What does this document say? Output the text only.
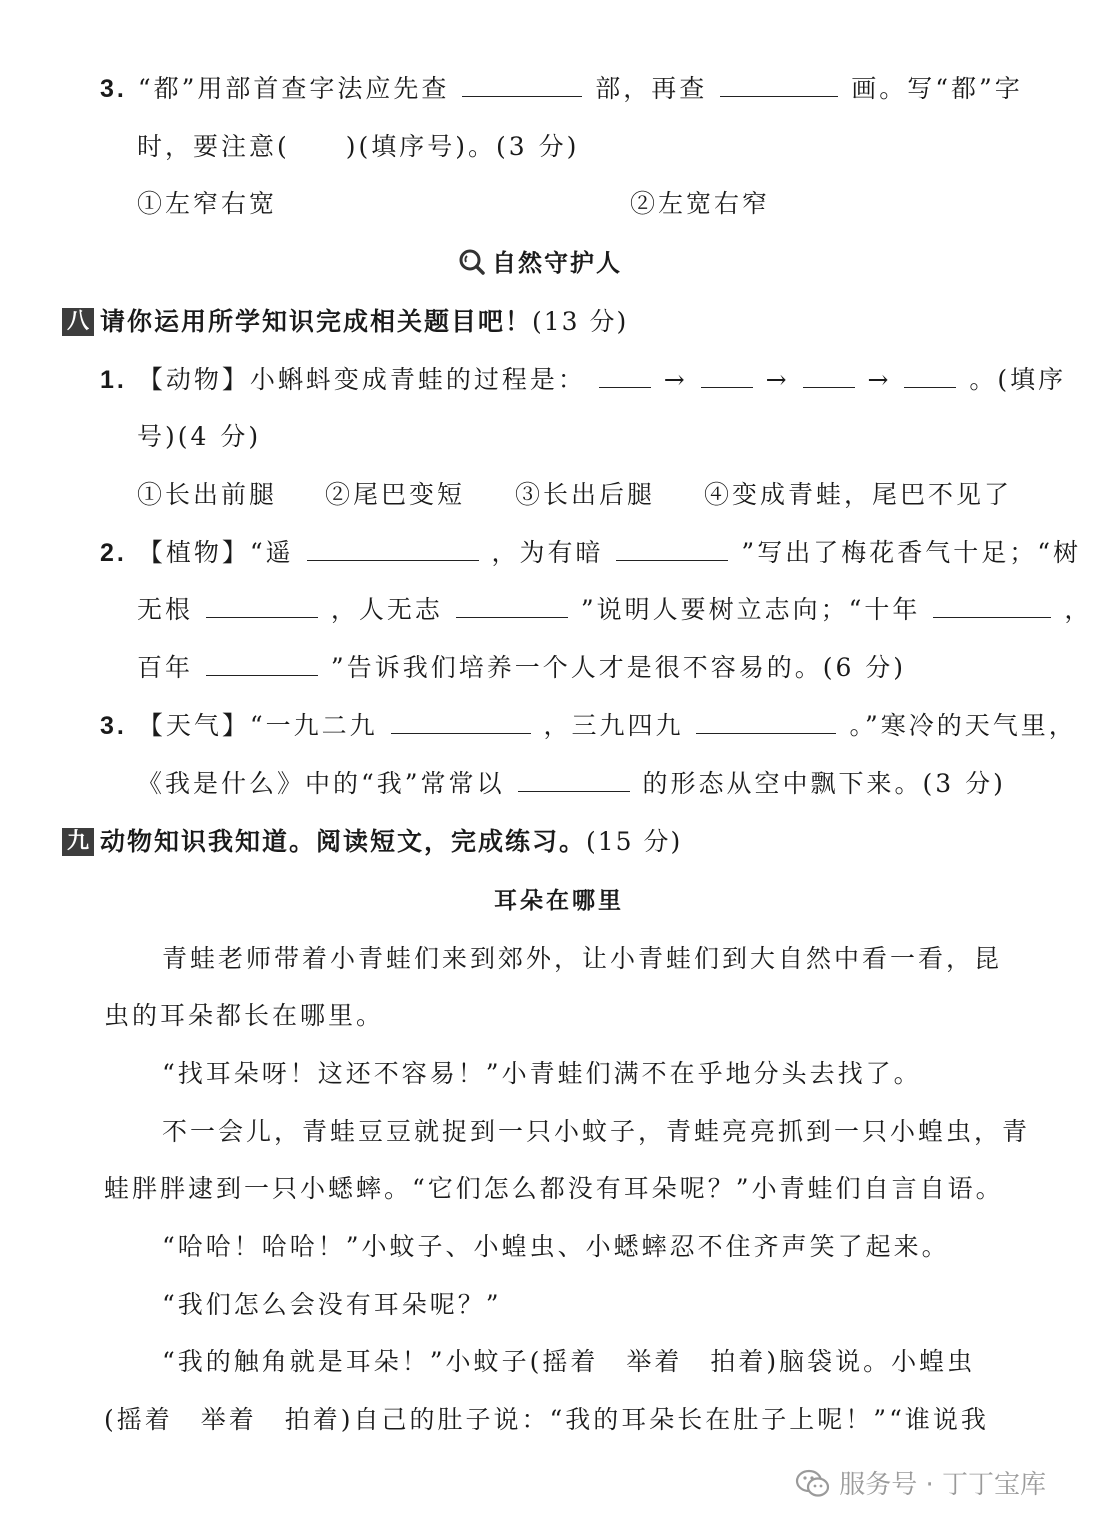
3. “都”用部首查字法应先查	部，再查	画。写“都”字
时，要注意(　　)(填序号)。(3 分)
①左窄右宽	②左宽右窄
自然守护人
八 请你运用所学知识完成相关题目吧！(13 分)
1. 【动物】小蝌蚪变成青蛙的过程是：	→	→	→	。(填序
号)(4 分)
①长出前腿 ②尾巴变短 ③长出后腿 ④变成青蛙，尾巴不见了
2. 【植物】“遥	，为有暗	”写出了梅花香气十足；“树
无根	，人无志	”说明人要树立志向；“十年	，
百年	”告诉我们培养一个人才是很不容易的。(6 分)
3. 【天气】“一九二九	，三九四九	。”寒冷的天气里，
《我是什么》中的“我”常常以	的形态从空中飘下来。(3 分)
九 动物知识我知道。阅读短文，完成练习。(15 分)
耳朵在哪里
青蛙老师带着小青蛙们来到郊外，让小青蛙们到大自然中看一看，昆
虫的耳朵都长在哪里。
“找耳朵呀！这还不容易！”小青蛙们满不在乎地分头去找了。
不一会儿，青蛙豆豆就捉到一只小蚊子，青蛙亮亮抓到一只小蝗虫，青
蛙胖胖逮到一只小蟋蟀。“它们怎么都没有耳朵呢？”小青蛙们自言自语。
“哈哈！哈哈！”小蚊子、小蝗虫、小蟋蟀忍不住齐声笑了起来。
“我们怎么会没有耳朵呢？”
“我的触角就是耳朵！”小蚊子(摇着　举着　拍着)脑袋说。小蝗虫
(摇着　举着　拍着)自己的肚子说：“我的耳朵长在肚子上呢！”“谁说我
服务号 · 丁丁宝库
